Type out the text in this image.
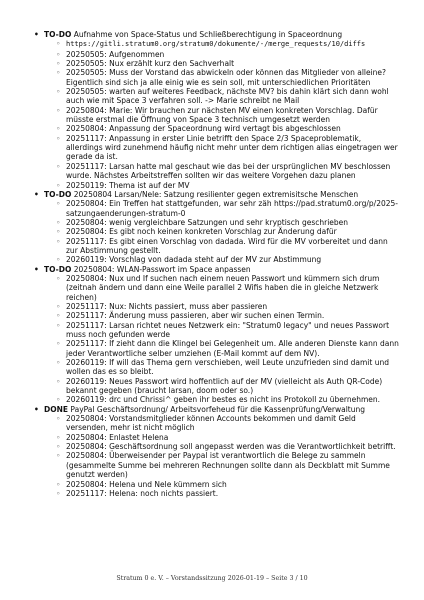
• TO-DO Aufnahme von Space-Status und Schließberechtigung in Spaceordnung
◦ https://gitli.stratum0.org/stratum0/dokumente/-/merge_requests/10/diffs
◦ 20250505: Aufgenommen
◦ 20250505: Nux erzählt kurz den Sachverhalt
◦ 20250505: Muss der Vorstand das abwickeln oder können das Mitglieder von alleine? Eigentlich sind sich ja alle einig wie es sein soll, mit unterschiedlichen Prioritäten
◦ 20250505: warten auf weiteres Feedback, nächste MV? bis dahin klärt sich dann wohl auch wie mit Space 3 verfahren soll. -> Marie schreibt ne Mail
◦ 20250804: Marie: Wir brauchen zur nächsten MV einen konkreten Vorschlag. Dafür müsste erstmal die Öffnung von Space 3 technisch umgesetzt werden
◦ 20250804: Anpassung der Spaceordnung wird vertagt bis abgeschlossen
◦ 20251117: Anpassung in erster Linie betrifft den Space 2/3 Spaceproblematik, allerdings wird zunehmend häufig nicht mehr unter dem richtigen alias eingetragen wer gerade da ist.
◦ 20251117: Larsan hatte mal geschaut wie das bei der ursprünglichen MV beschlossen wurde. Nächstes Arbeitstreffen sollten wir das weitere Vorgehen dazu planen
◦ 20250119: Thema ist auf der MV
• TO-DO 20250804 Larsan/Nele: Satzung resilienter gegen extremisitsche Menschen
◦ 20250804: Ein Treffen hat stattgefunden, war sehr zäh https://pad.stratum0.org/p/2025-satzungaenderungen-stratum-0
◦ 20250804: wenig vergleichbare Satzungen und sehr kryptisch geschrieben
◦ 20250804: Es gibt noch keinen konkreten Vorschlag zur Änderung dafür
◦ 20251117: Es gibt einen Vorschlag von dadada. Wird für die MV vorbereitet und dann zur Abstimmung gestellt.
◦ 20260119: Vorschlag von dadada steht auf der MV zur Abstimmung
• TO-DO 20250804: WLAN-Passwort im Space anpassen
◦ 20250804: Nux und If suchen nach einem neuen Passwort und kümmern sich drum (zeitnah ändern und dann eine Weile parallel 2 Wifis haben die in gleiche Netzwerk reichen)
◦ 20251117: Nux: Nichts passiert, muss aber passieren
◦ 20251117: Änderung muss passieren, aber wir suchen einen Termin.
◦ 20251117: Larsan richtet neues Netzwerk ein: "Stratum0 legacy" und neues Passwort muss noch gefunden werde
◦ 20251117: If zieht dann die Klingel bei Gelegenheit um. Alle anderen Dienste kann dann jeder Verantwortliche selber umziehen (E-Mail kommt auf dem NV).
◦ 20260119: If will das Thema gern verschieben, weil Leute unzufrieden sind damit und wollen das es so bleibt.
◦ 20260119: Neues Passwort wird hoffentlich auf der MV (vielleicht als Auth QR-Code) bekannt gegeben (braucht larsan, doom oder so.)
◦ 20260119: drc und Chrissi^ geben ihr bestes es nicht ins Protokoll zu übernehmen.
• DONE PayPal Geschäftsordnung/ Arbeitsvorfeheud für die Kassenprüfung/Verwaltung
◦ 20250804: Vorstandsmitglieder können Accounts bekommen und damit Geld versenden, mehr ist nicht möglich
◦ 20250804: Enlastet Helena
◦ 20250804: Geschäftsordnung soll angepasst werden was die Verantwortlichkeit betrifft.
◦ 20250804: Überweisender per Paypal ist verantwortlich die Belege zu sammeln (gesammelte Summe bei mehreren Rechnungen sollte dann als Deckblatt mit Summe genutzt werden)
◦ 20250804: Helena und Nele kümmern sich
◦ 20251117: Helena: noch nichts passiert.
Stratum 0 e. V. – Vorstandssitzung 2026-01-19 – Seite 3 / 10
